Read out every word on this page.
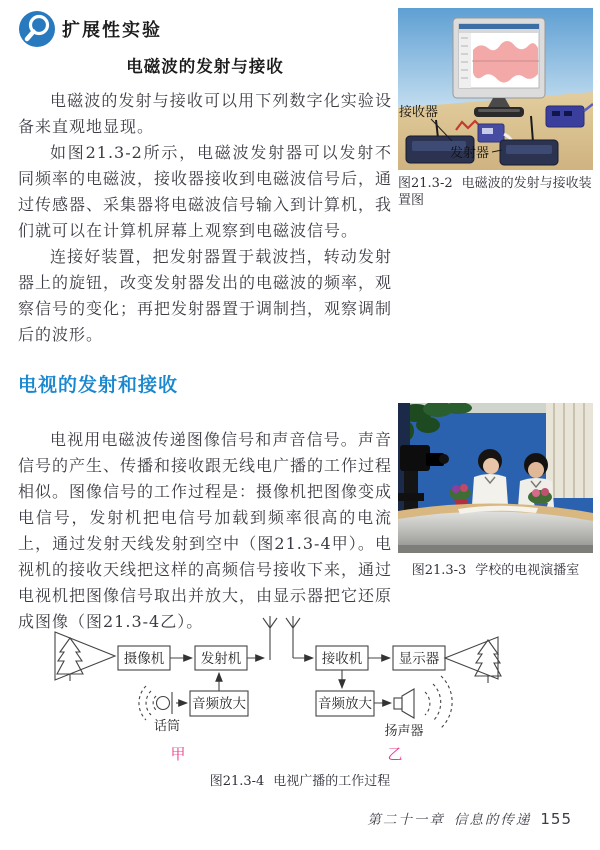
扩展性实验
电磁波的发射与接收

电磁波的发射与接收可以用下列数字化实验设备来直观地显现。

如图21.3-2所示，电磁波发射器可以发射不同频率的电磁波，接收器接收到电磁波信号后，通过传感器、采集器将电磁波信号输入到计算机，我们就可以在计算机屏幕上观察到电磁波信号。

连接好装置，把发射器置于载波挡，转动发射器上的旋钮，改变发射器发出的电磁波的频率，观察信号的变化；再把发射器置于调制挡，观察调制后的波形。

电视的发射和接收

电视用电磁波传递图像信号和声音信号。声音信号的产生、传播和接收跟无线电广播的工作过程相似。图像信号的工作过程是：摄像机把图像变成电信号，发射机把电信号加载到频率很高的电流上，通过发射天线发射到空中（图21.3-4甲）。电视机的接收天线把这样的高频信号接收下来，通过电视机把图像信号取出并放大，由显示器把它还原成图像（图21.3-4乙）。

接收器
发射器
图21.3-2 电磁波的发射与接收装置图
图21.3-3 学校的电视演播室
摄像机	发射机
音频放大
接收机	显示器
音频放大
话筒	扬声器
甲	乙
图21.3-4 电视广播的工作过程
第二十一章 信息的传递 155
